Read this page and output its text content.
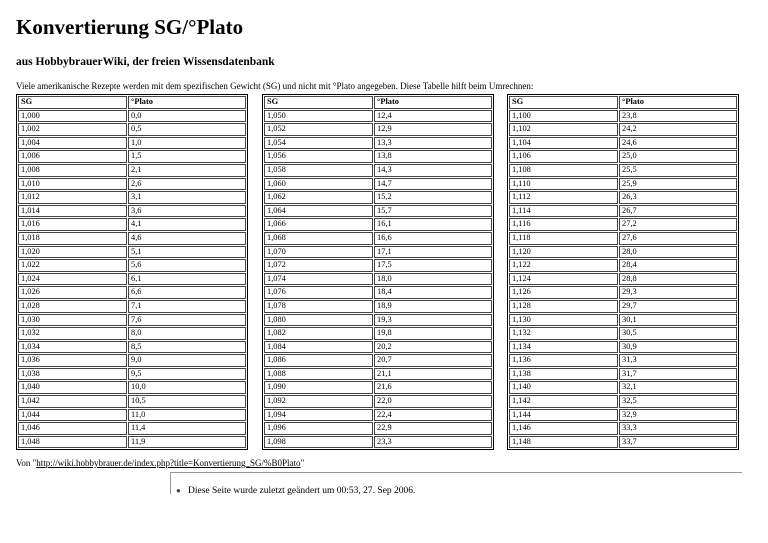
Konvertierung SG/°Plato
aus HobbybrauerWiki, der freien Wissensdatenbank
Viele amerikanische Rezepte werden mit dem spezifischen Gewicht (SG) und nicht mit °Plato angegeben. Diese Tabelle hilft beim Umrechnen:
SG	°Plato
1,000	0,0
1,002	0,5
1,004	1,0
1,006	1,5
1,008	2,1
1,010	2,6
1,012	3,1
1,014	3,6
1,016	4,1
1,018	4,6
1,020	5,1
1,022	5,6
1,024	6,1
1,026	6,6
1,028	7,1
1,030	7,6
1,032	8,0
1,034	8,5
1,036	9,0
1,038	9,5
1,040	10,0
1,042	10,5
1,044	11,0
1,046	11,4
1,048	11,9
SG	°Plato
1,050	12,4
1,052	12,9
1,054	13,3
1,056	13,8
1,058	14,3
1,060	14,7
1,062	15,2
1,064	15,7
1,066	16,1
1,068	16,6
1,070	17,1
1,072	17,5
1,074	18,0
1,076	18,4
1,078	18,9
1,080	19,3
1,082	19,8
1,084	20,2
1,086	20,7
1,088	21,1
1,090	21,6
1,092	22,0
1,094	22,4
1,096	22,9
1,098	23,3
SG	°Plato
1,100	23,8
1,102	24,2
1,104	24,6
1,106	25,0
1,108	25,5
1,110	25,9
1,112	26,3
1,114	26,7
1,116	27,2
1,118	27,6
1,120	28,0
1,122	28,4
1,124	28,8
1,126	29,3
1,128	29,7
1,130	30,1
1,132	30,5
1,134	30,9
1,136	31,3
1,138	31,7
1,140	32,1
1,142	32,5
1,144	32,9
1,146	33,3
1,148	33,7
Von "http://wiki.hobbybrauer.de/index.php?title=Konvertierung_SG/%B0Plato"
● Diese Seite wurde zuletzt geändert um 00:53, 27. Sep 2006.
